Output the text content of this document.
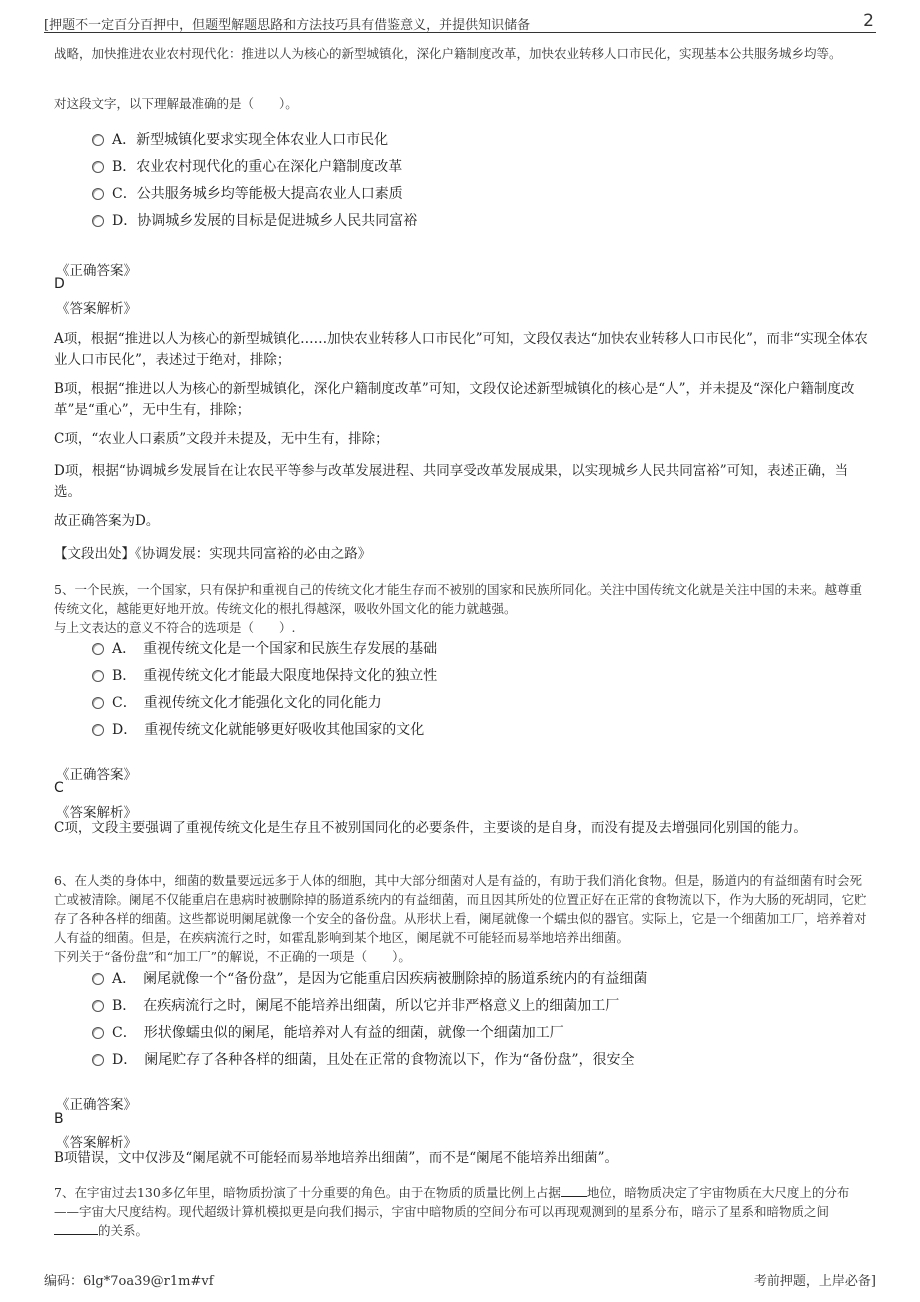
[押题不一定百分百押中，但题型解题思路和方法技巧具有借鉴意义，并提供知识储备	2
战略，加快推进农业农村现代化：推进以人为核心的新型城镇化，深化户籍制度改革，加快农业转移人口市民化，实现基本公共服务城乡均等。
对这段文字，以下理解最准确的是（　　）。
A．新型城镇化要求实现全体农业人口市民化
B．农业农村现代化的重心在深化户籍制度改革
C．公共服务城乡均等能极大提高农业人口素质
D．协调城乡发展的目标是促进城乡人民共同富裕
《正确答案》
D
《答案解析》
A项，根据“推进以人为核心的新型城镇化……加快农业转移人口市民化”可知，文段仅表达“加快农业转移人口市民化”，而非“实现全体农业人口市民化”，表述过于绝对，排除；
B项，根据“推进以人为核心的新型城镇化，深化户籍制度改革”可知，文段仅论述新型城镇化的核心是“人”，并未提及“深化户籍制度改革”是“重心”，无中生有，排除；
C项，“农业人口素质”文段并未提及，无中生有，排除；
D项，根据“协调城乡发展旨在让农民平等参与改革发展进程、共同享受改革发展成果，以实现城乡人民共同富裕”可知，表述正确，当选。
故正确答案为D。
【文段出处】《协调发展：实现共同富裕的必由之路》
5、一个民族，一个国家，只有保护和重视自己的传统文化才能生存而不被别的国家和民族所同化。关注中国传统文化就是关注中国的未来。越尊重传统文化，越能更好地开放。传统文化的根扎得越深，吸收外国文化的能力就越强。
与上文表达的意义不符合的选项是（　　）.
A．　重视传统文化是一个国家和民族生存发展的基础
B．　重视传统文化才能最大限度地保持文化的独立性
C．　重视传统文化才能强化文化的同化能力
D．　重视传统文化就能够更好吸收其他国家的文化
《正确答案》
C
《答案解析》
C项，文段主要强调了重视传统文化是生存且不被别国同化的必要条件，主要谈的是自身，而没有提及去增强同化别国的能力。
6、在人类的身体中，细菌的数量要远远多于人体的细胞，其中大部分细菌对人是有益的，有助于我们消化食物。但是，肠道内的有益细菌有时会死亡或被清除。阑尾不仅能重启在患病时被删除掉的肠道系统内的有益细菌，而且因其所处的位置正好在正常的食物流以下，作为大肠的死胡同，它贮存了各种各样的细菌。这些都说明阑尾就像一个安全的备份盘。从形状上看，阑尾就像一个蠕虫似的器官。实际上，它是一个细菌加工厂，培养着对人有益的细菌。但是，在疾病流行之时，如霍乱影响到某个地区，阑尾就不可能轻而易举地培养出细菌。
下列关于“备份盘”和“加工厂”的解说，不正确的一项是（　　）。
A．　阑尾就像一个“备份盘”，是因为它能重启因疾病被删除掉的肠道系统内的有益细菌
B．　在疾病流行之时，阑尾不能培养出细菌，所以它并非严格意义上的细菌加工厂
C．　形状像蠕虫似的阑尾，能培养对人有益的细菌，就像一个细菌加工厂
D．　阑尾贮存了各种各样的细菌，且处在正常的食物流以下，作为“备份盘”，很安全
《正确答案》
B
《答案解析》
B项错误，文中仅涉及“阑尾就不可能轻而易举地培养出细菌”，而不是“阑尾不能培养出细菌”。
7、在宇宙过去130多亿年里，暗物质扮演了十分重要的角色。由于在物质的质量比例上占据 地位，暗物质决定了宇宙物质在大尺度上的分布——宇宙大尺度结构。现代超级计算机模拟更是向我们揭示，宇宙中暗物质的空间分布可以再现观测到的星系分布，暗示了星系和暗物质之间的关系。
编码：6lg*7oa39@r1m#vf	考前押题，上岸必备]
